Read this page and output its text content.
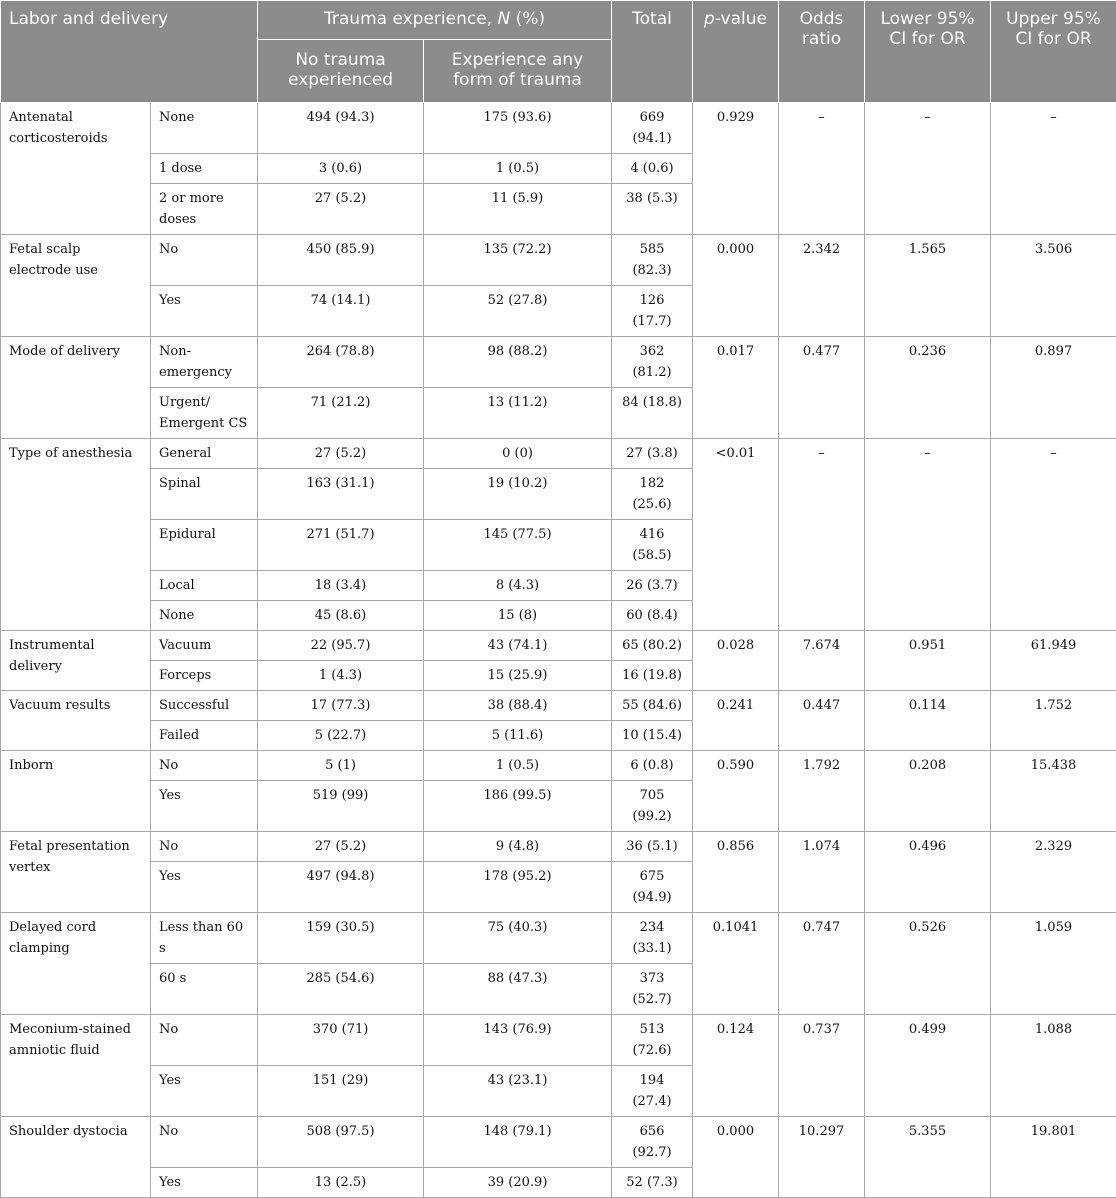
Labor and delivery		Trauma experience, N (%)		Total	p-value	Odds ratio	Lower 95% CI for OR	Upper 95% CI for OR
		No trauma experienced	Experience any form of trauma					
Antenatal corticosteroids	None	494 (94.3)	175 (93.6)	669 (94.1)	0.929	–	–	–
	1 dose	3 (0.6)	1 (0.5)	4 (0.6)				
	2 or more doses	27 (5.2)	11 (5.9)	38 (5.3)				
Fetal scalp electrode use	No	450 (85.9)	135 (72.2)	585 (82.3)	0.000	2.342	1.565	3.506
	Yes	74 (14.1)	52 (27.8)	126 (17.7)				
Mode of delivery	Non-emergency	264 (78.8)	98 (88.2)	362 (81.2)	0.017	0.477	0.236	0.897
	Urgent/ Emergent CS	71 (21.2)	13 (11.2)	84 (18.8)				
Type of anesthesia	General	27 (5.2)	0 (0)	27 (3.8)	<0.01	–	–	–
	Spinal	163 (31.1)	19 (10.2)	182 (25.6)				
	Epidural	271 (51.7)	145 (77.5)	416 (58.5)				
	Local	18 (3.4)	8 (4.3)	26 (3.7)				
	None	45 (8.6)	15 (8)	60 (8.4)				
Instrumental delivery	Vacuum	22 (95.7)	43 (74.1)	65 (80.2)	0.028	7.674	0.951	61.949
	Forceps	1 (4.3)	15 (25.9)	16 (19.8)				
Vacuum results	Successful	17 (77.3)	38 (88.4)	55 (84.6)	0.241	0.447	0.114	1.752
	Failed	5 (22.7)	5 (11.6)	10 (15.4)				
Inborn	No	5 (1)	1 (0.5)	6 (0.8)	0.590	1.792	0.208	15.438
	Yes	519 (99)	186 (99.5)	705 (99.2)				
Fetal presentation vertex	No	27 (5.2)	9 (4.8)	36 (5.1)	0.856	1.074	0.496	2.329
	Yes	497 (94.8)	178 (95.2)	675 (94.9)				
Delayed cord clamping	Less than 60 s	159 (30.5)	75 (40.3)	234 (33.1)	0.1041	0.747	0.526	1.059
	60 s	285 (54.6)	88 (47.3)	373 (52.7)				
Meconium-stained amniotic fluid	No	370 (71)	143 (76.9)	513 (72.6)	0.124	0.737	0.499	1.088
	Yes	151 (29)	43 (23.1)	194 (27.4)				
Shoulder dystocia	No	508 (97.5)	148 (79.1)	656 (92.7)	0.000	10.297	5.355	19.801
	Yes	13 (2.5)	39 (20.9)	52 (7.3)				
